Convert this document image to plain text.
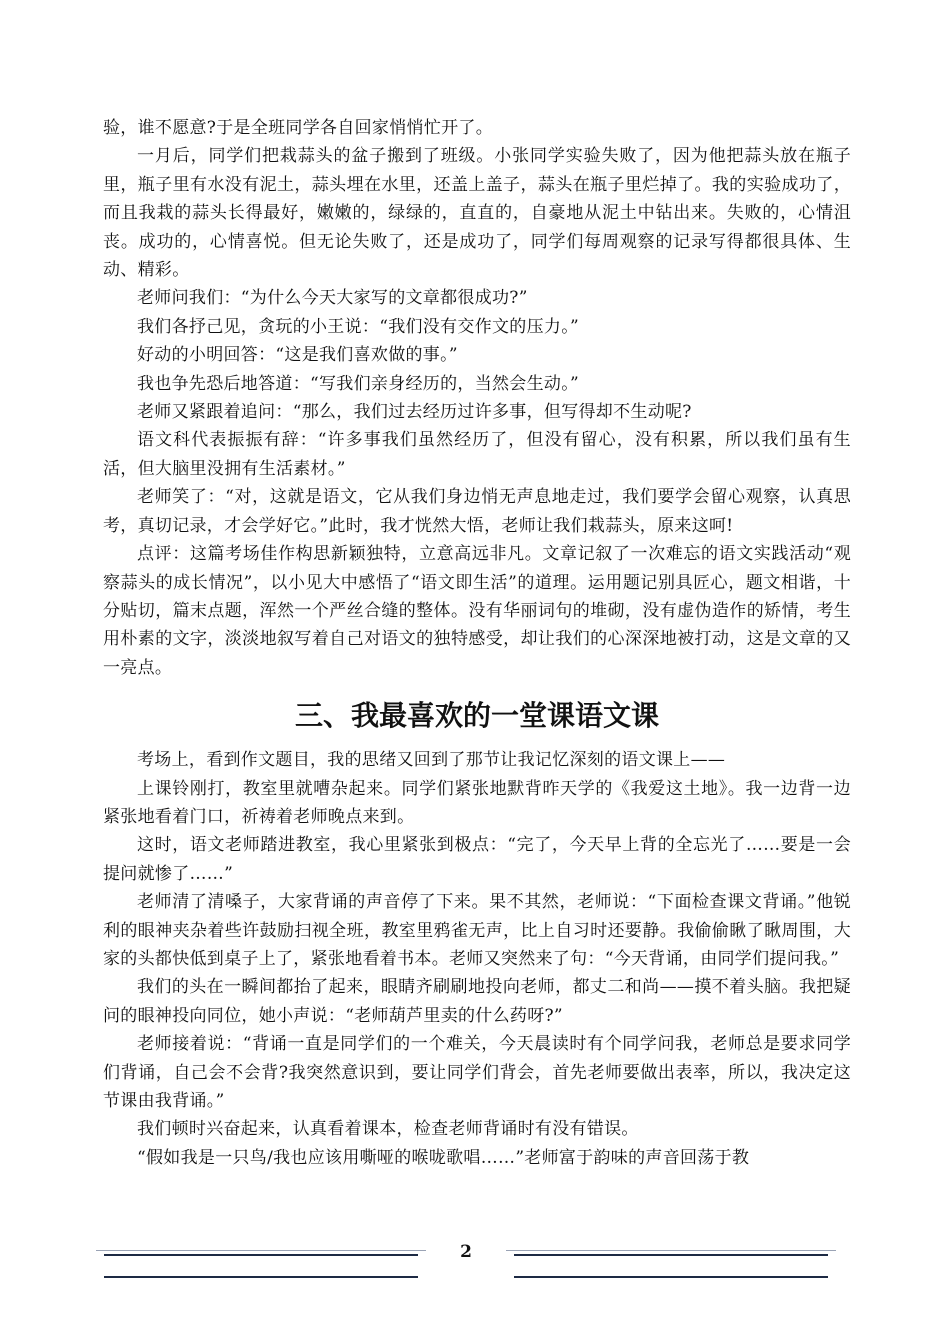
验，谁不愿意?于是全班同学各自回家悄悄忙开了。

一月后，同学们把栽蒜头的盆子搬到了班级。小张同学实验失败了，因为他把蒜头放在瓶子里，瓶子里有水没有泥土，蒜头埋在水里，还盖上盖子，蒜头在瓶子里烂掉了。我的实验成功了，而且我栽的蒜头长得最好，嫩嫩的，绿绿的，直直的，自豪地从泥土中钻出来。失败的，心情沮丧。成功的，心情喜悦。但无论失败了，还是成功了，同学们每周观察的记录写得都很具体、生动、精彩。

老师问我们：“为什么今天大家写的文章都很成功?”

我们各抒己见，贪玩的小王说：“我们没有交作文的压力。”

好动的小明回答：“这是我们喜欢做的事。”

我也争先恐后地答道：“写我们亲身经历的，当然会生动。”

老师又紧跟着追问：“那么，我们过去经历过许多事，但写得却不生动呢?

语文科代表振振有辞：“许多事我们虽然经历了，但没有留心，没有积累，所以我们虽有生活，但大脑里没拥有生活素材。”

老师笑了：“对，这就是语文，它从我们身边悄无声息地走过，我们要学会留心观察，认真思考，真切记录，才会学好它。”此时，我才恍然大悟，老师让我们栽蒜头，原来这呵!

点评：这篇考场佳作构思新颖独特，立意高远非凡。文章记叙了一次难忘的语文实践活动“观察蒜头的成长情况”，以小见大中感悟了“语文即生活”的道理。运用题记别具匠心，题文相谐，十分贴切，篇末点题，浑然一个严丝合缝的整体。没有华丽词句的堆砌，没有虚伪造作的矫情，考生用朴素的文字，淡淡地叙写着自己对语文的独特感受，却让我们的心深深地被打动，这是文章的又一亮点。

三、我最喜欢的一堂课语文课

考场上，看到作文题目，我的思绪又回到了那节让我记忆深刻的语文课上——

上课铃刚打，教室里就嘈杂起来。同学们紧张地默背昨天学的《我爱这土地》。我一边背一边紧张地看着门口，祈祷着老师晚点来到。

这时，语文老师踏进教室，我心里紧张到极点：“完了，今天早上背的全忘光了……要是一会提问就惨了……”

老师清了清嗓子，大家背诵的声音停了下来。果不其然，老师说：“下面检查课文背诵。”他锐利的眼神夹杂着些许鼓励扫视全班，教室里鸦雀无声，比上自习时还要静。我偷偷瞅了瞅周围，大家的头都快低到桌子上了，紧张地看着书本。老师又突然来了句：“今天背诵，由同学们提问我。”

我们的头在一瞬间都抬了起来，眼睛齐刷刷地投向老师，都丈二和尚——摸不着头脑。我把疑问的眼神投向同位，她小声说：“老师葫芦里卖的什么药呀?”

老师接着说：“背诵一直是同学们的一个难关，今天晨读时有个同学问我，老师总是要求同学们背诵，自己会不会背?我突然意识到，要让同学们背会，首先老师要做出表率，所以，我决定这节课由我背诵。”

我们顿时兴奋起来，认真看着课本，检查老师背诵时有没有错误。

“假如我是一只鸟/我也应该用嘶哑的喉咙歌唱……”老师富于韵味的声音回荡于教

2
